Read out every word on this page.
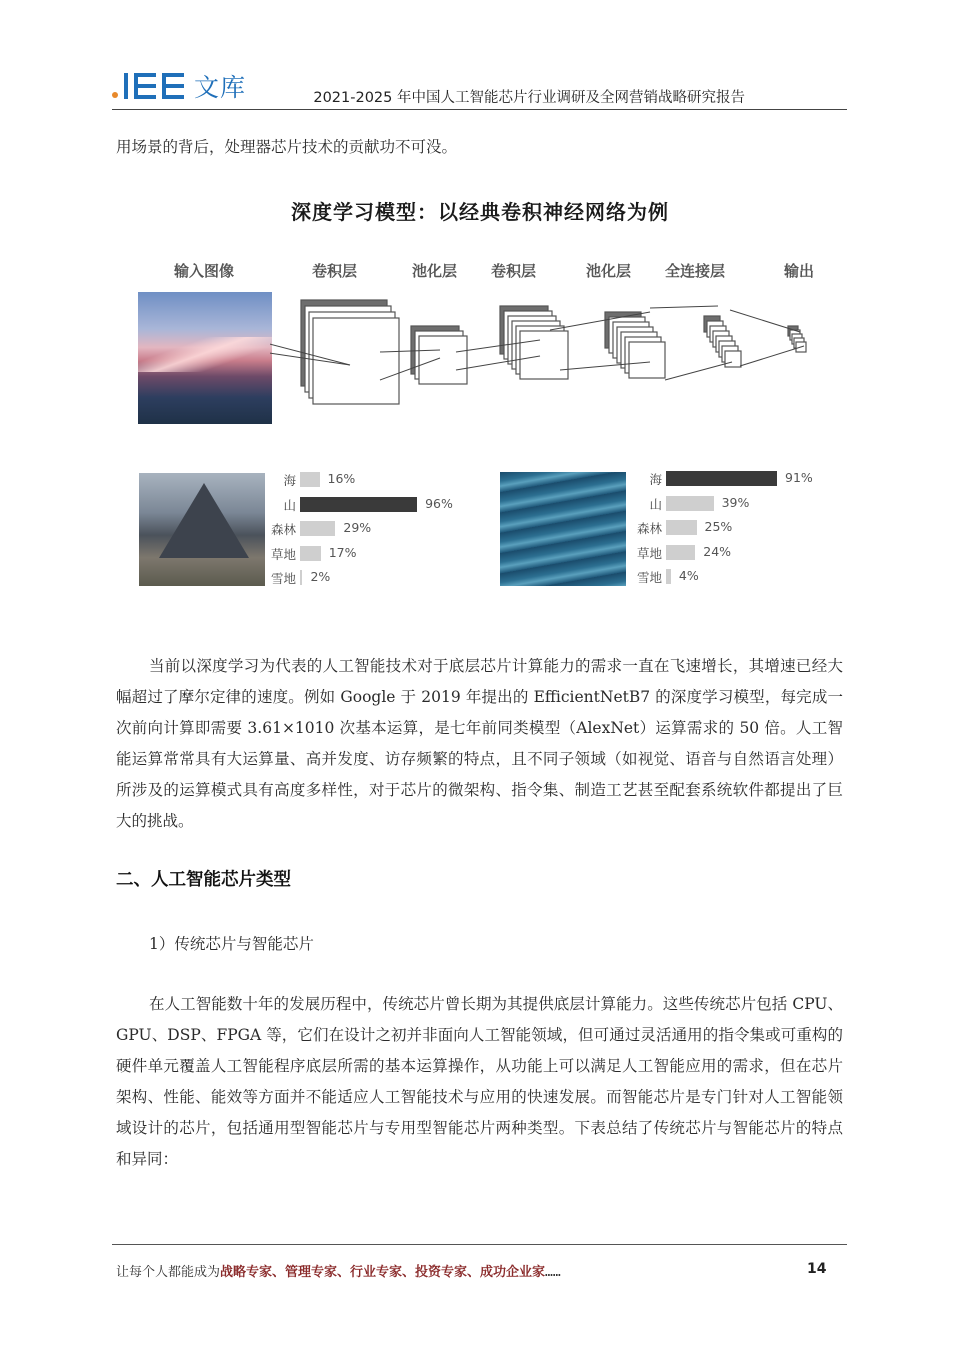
文库	2021-2025 年中国人工智能芯片行业调研及全网营销战略研究报告

用场景的背后，处理器芯片技术的贡献功不可没。

深度学习模型：以经典卷积神经网络为例
输入图像	卷积层	池化层 卷积层	池化层 全连接层	输出
海	16%
山	96%
森林	29%
草地	17%
雪地 2%
海	91%
山	39%
森林	25%
草地	24%
雪地 4%

当前以深度学习为代表的人工智能技术对于底层芯片计算能力的需求一直在飞速增长，其增速已经大幅超过了摩尔定律的速度。例如 Google 于 2019 年提出的 EfficientNetB7 的深度学习模型，每完成一次前向计算即需要 3.61×1010 次基本运算，是七年前同类模型（AlexNet）运算需求的 50 倍。人工智能运算常常具有大运算量、高并发度、访存频繁的特点，且不同子领域（如视觉、语音与自然语言处理）所涉及的运算模式具有高度多样性，对于芯片的微架构、指令集、制造工艺甚至配套系统软件都提出了巨大的挑战。

二、人工智能芯片类型
1）传统芯片与智能芯片

在人工智能数十年的发展历程中，传统芯片曾长期为其提供底层计算能力。这些传统芯片包括 CPU、GPU、DSP、FPGA 等，它们在设计之初并非面向人工智能领域，但可通过灵活通用的指令集或可重构的硬件单元覆盖人工智能程序底层所需的基本运算操作，从功能上可以满足人工智能应用的需求，但在芯片架构、性能、能效等方面并不能适应人工智能技术与应用的快速发展。而智能芯片是专门针对人工智能领域设计的芯片，包括通用型智能芯片与专用型智能芯片两种类型。下表总结了传统芯片与智能芯片的特点和异同：

让每个人都能成为战略专家、管理专家、行业专家、投资专家、成功企业家……	14
